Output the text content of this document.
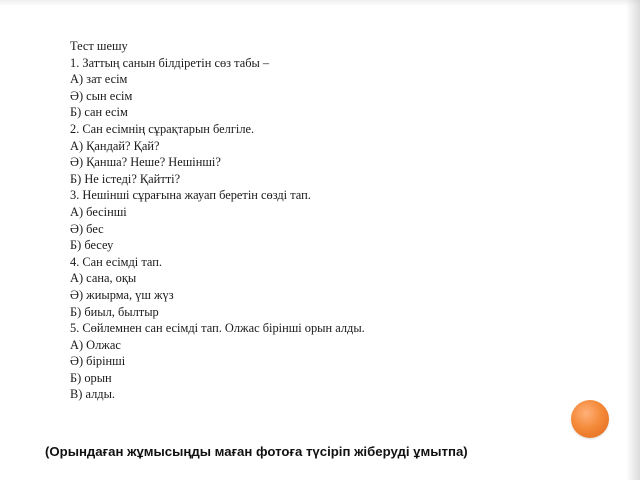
Тест шешу
1. Заттың санын білдіретін сөз табы –
А) зат есім
Ә) сын есім
Б) сан есім
2. Сан есімнің сұрақтарын белгіле.
А) Қандай? Қай?
Ә) Қанша? Неше? Нешінші?
Б) Не істеді? Қайтті?
3. Нешінші сұрағына жауап беретін сөзді тап.
А) бесінші
Ә) бес
Б) бесеу
4. Сан есімді тап.
А) сана, оқы
Ә) жиырма, үш жүз
Б) биыл, былтыр
5. Сөйлемнен сан есімді тап. Олжас бірінші орын алды.
А) Олжас
Ә) бірінші
Б) орын
В) алды.
(Орындаған жұмысыңды маған фотоға түсіріп жіберуді ұмытпа)
